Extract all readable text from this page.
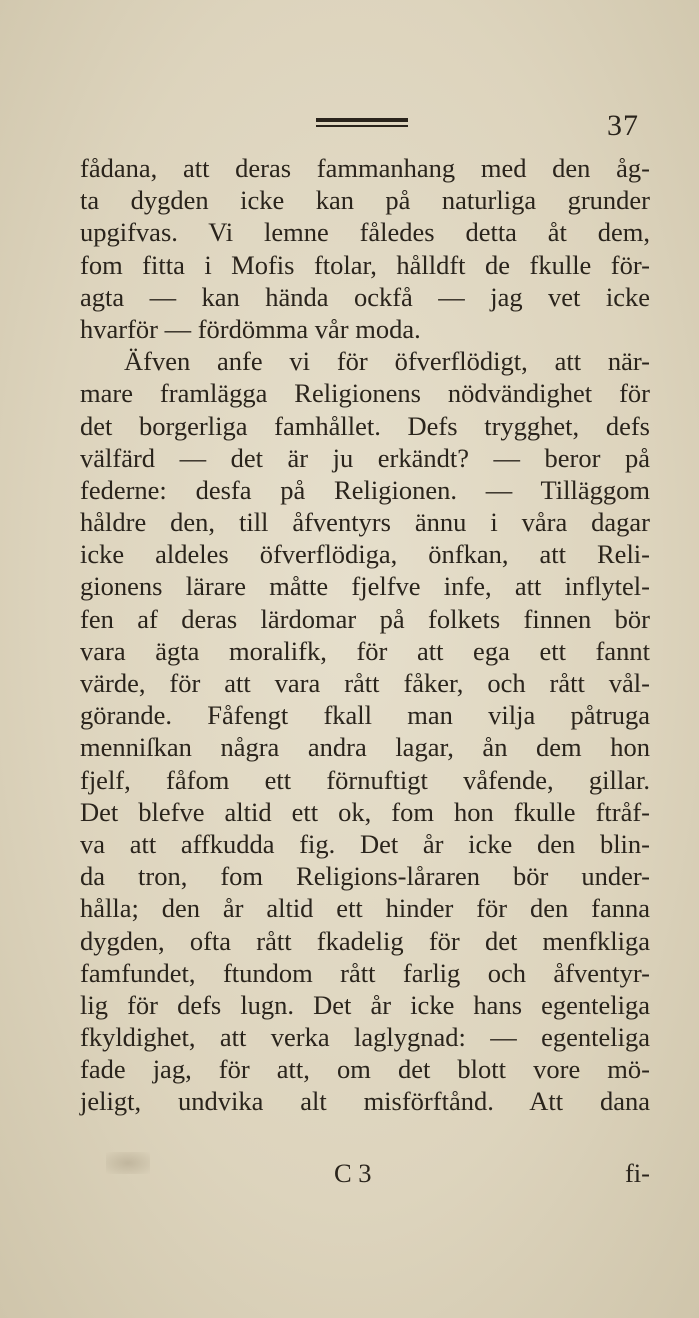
37
fådana, att deras fammanhang med den åg-
ta dygden icke kan på naturliga grunder
upgifvas. Vi lemne fåledes detta åt dem,
fom fitta i Mofis ftolar, hålldft de fkulle för-
agta — kan hända ockfå — jag vet icke
hvarför — fördömma vår moda.
Äfven anfe vi för öfverflödigt, att när-
mare framlägga Religionens nödvändighet för
det borgerliga famhållet. Defs trygghet, defs
välfärd — det är ju erkändt? — beror på
federne: desfa på Religionen. — Tilläggom
håldre den, till åfventyrs ännu i våra dagar
icke aldeles öfverflödiga, önfkan, att Reli-
gionens lärare måtte fjelfve infe, att inflytel-
fen af deras lärdomar på folkets finnen bör
vara ägta moralifk, för att ega ett fannt
värde, för att vara rått fåker, och rått vål-
görande. Fåfengt fkall man vilja påtruga
menniſkan några andra lagar, ån dem hon
fjelf, fåfom ett förnuftigt våfende, gillar.
Det blefve altid ett ok, fom hon fkulle ftråf-
va att affkudda fig. Det år icke den blin-
da tron, fom Religions-låraren bör under-
hålla; den år altid ett hinder för den fanna
dygden, ofta rått fkadelig för det menfkliga
famfundet, ftundom rått farlig och åfventyr-
lig för defs lugn. Det år icke hans egenteliga
fkyldighet, att verka laglygnad: — egenteliga
fade jag, för att, om det blott vore mö-
jeligt, undvika alt misförftånd. Att dana
C 3	fi-
